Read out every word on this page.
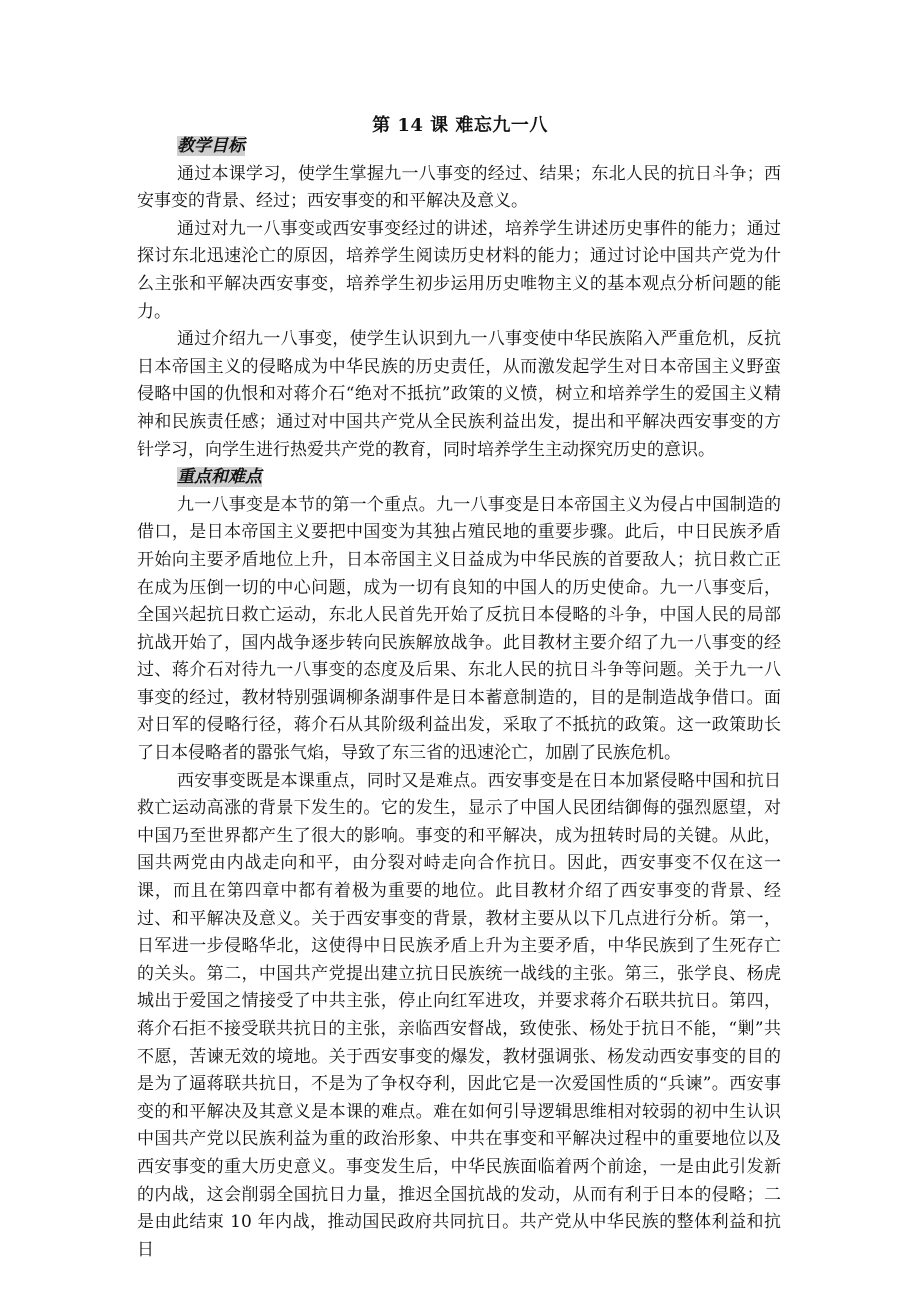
第 14 课 难忘九一八

教学目标

通过本课学习，使学生掌握九一八事变的经过、结果；东北人民的抗日斗争；西安事变的背景、经过；西安事变的和平解决及意义。

通过对九一八事变或西安事变经过的讲述，培养学生讲述历史事件的能力；通过探讨东北迅速沦亡的原因，培养学生阅读历史材料的能力；通过讨论中国共产党为什么主张和平解决西安事变，培养学生初步运用历史唯物主义的基本观点分析问题的能力。

通过介绍九一八事变，使学生认识到九一八事变使中华民族陷入严重危机，反抗日本帝国主义的侵略成为中华民族的历史责任，从而激发起学生对日本帝国主义野蛮侵略中国的仇恨和对蒋介石“绝对不抵抗”政策的义愤，树立和培养学生的爱国主义精神和民族责任感；通过对中国共产党从全民族利益出发，提出和平解决西安事变的方针学习，向学生进行热爱共产党的教育，同时培养学生主动探究历史的意识。

重点和难点

九一八事变是本节的第一个重点。九一八事变是日本帝国主义为侵占中国制造的借口，是日本帝国主义要把中国变为其独占殖民地的重要步骤。此后，中日民族矛盾开始向主要矛盾地位上升，日本帝国主义日益成为中华民族的首要敌人；抗日救亡正在成为压倒一切的中心问题，成为一切有良知的中国人的历史使命。九一八事变后，全国兴起抗日救亡运动，东北人民首先开始了反抗日本侵略的斗争，中国人民的局部抗战开始了，国内战争逐步转向民族解放战争。此目教材主要介绍了九一八事变的经过、蒋介石对待九一八事变的态度及后果、东北人民的抗日斗争等问题。关于九一八事变的经过，教材特别强调柳条湖事件是日本蓄意制造的，目的是制造战争借口。面对日军的侵略行径，蒋介石从其阶级利益出发，采取了不抵抗的政策。这一政策助长了日本侵略者的嚣张气焰，导致了东三省的迅速沦亡，加剧了民族危机。

西安事变既是本课重点，同时又是难点。西安事变是在日本加紧侵略中国和抗日救亡运动高涨的背景下发生的。它的发生，显示了中国人民团结御侮的强烈愿望，对中国乃至世界都产生了很大的影响。事变的和平解决，成为扭转时局的关键。从此，国共两党由内战走向和平，由分裂对峙走向合作抗日。因此，西安事变不仅在这一课，而且在第四章中都有着极为重要的地位。此目教材介绍了西安事变的背景、经过、和平解决及意义。关于西安事变的背景，教材主要从以下几点进行分析。第一，日军进一步侵略华北，这使得中日民族矛盾上升为主要矛盾，中华民族到了生死存亡的关头。第二，中国共产党提出建立抗日民族统一战线的主张。第三，张学良、杨虎城出于爱国之情接受了中共主张，停止向红军进攻，并要求蒋介石联共抗日。第四，蒋介石拒不接受联共抗日的主张，亲临西安督战，致使张、杨处于抗日不能，“剿”共不愿，苦谏无效的境地。关于西安事变的爆发，教材强调张、杨发动西安事变的目的是为了逼蒋联共抗日，不是为了争权夺利，因此它是一次爱国性质的“兵谏”。西安事变的和平解决及其意义是本课的难点。难在如何引导逻辑思维相对较弱的初中生认识中国共产党以民族利益为重的政治形象、中共在事变和平解决过程中的重要地位以及西安事变的重大历史意义。事变发生后，中华民族面临着两个前途，一是由此引发新的内战，这会削弱全国抗日力量，推迟全国抗战的发动，从而有利于日本的侵略；二是由此结束 10 年内战，推动国民政府共同抗日。共产党从中华民族的整体利益和抗日
